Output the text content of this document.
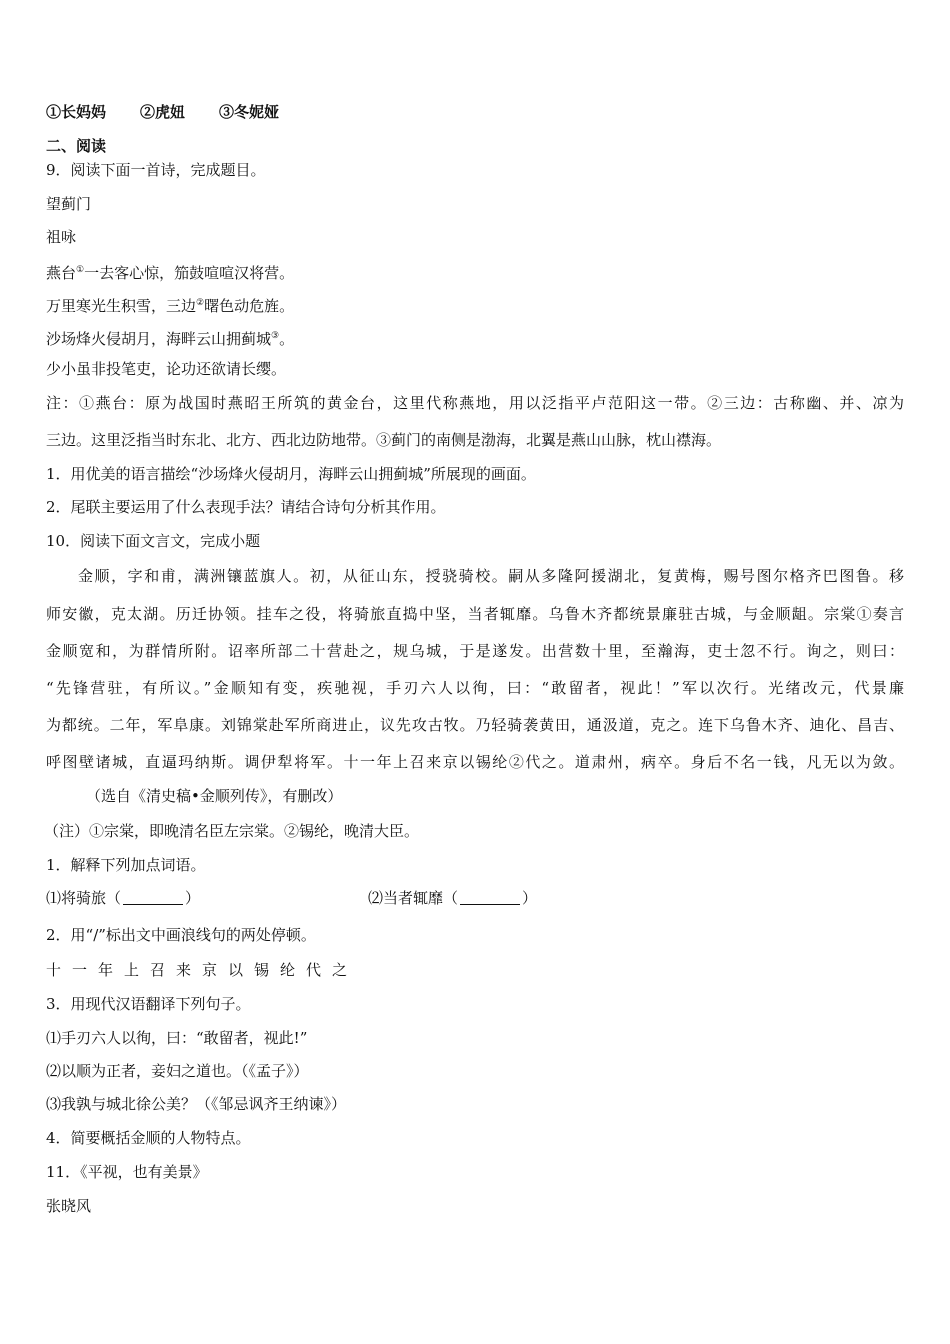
①长妈妈 ②虎妞 ③冬妮娅
二、阅读
9．阅读下面一首诗，完成题目。
望蓟门
祖咏
燕台①一去客心惊，笳鼓喧喧汉将营。
万里寒光生积雪，三边②曙色动危旌。
沙场烽火侵胡月，海畔云山拥蓟城③。
少小虽非投笔吏，论功还欲请长缨。
注：①燕台：原为战国时燕昭王所筑的黄金台，这里代称燕地，用以泛指平卢范阳这一带。②三边：古称幽、并、凉为
三边。这里泛指当时东北、北方、西北边防地带。③蓟门的南侧是渤海，北翼是燕山山脉，枕山襟海。
1．用优美的语言描绘“沙场烽火侵胡月，海畔云山拥蓟城”所展现的画面。
2．尾联主要运用了什么表现手法？请结合诗句分析其作用。
10．阅读下面文言文，完成小题
金顺，字和甫，满洲镶蓝旗人。初，从征山东，授骁骑校。嗣从多隆阿援湖北，复黄梅，赐号图尔格齐巴图鲁。移
师安徽，克太湖。历迁协领。挂车之役，将骑旅直捣中坚，当者辄靡。乌鲁木齐都统景廉驻古城，与金顺龃。宗棠①奏言
金顺宽和，为群情所附。诏率所部二十营赴之，规乌城，于是遂发。出营数十里，至瀚海，吏士忽不行。询之，则曰：
“先锋营驻，有所议。”金顺知有变，疾驰视，手刃六人以徇，曰：“敢留者，视此！”军以次行。光绪改元，代景廉
为都统。二年，军阜康。刘锦棠赴军所商进止，议先攻古牧。乃轻骑袭黄田，通汲道，克之。连下乌鲁木齐、迪化、昌吉、
呼图壁诸城，直逼玛纳斯。调伊犁将军。十一年上召来京以锡纶②代之。道肃州，病卒。身后不名一钱，凡无以为敛。
（选自《清史稿•金顺列传》，有删改）
（注）①宗棠，即晚清名臣左宗棠。②锡纶，晚清大臣。
1．解释下列加点词语。
⑴将骑旅（	）	⑵当者辄靡（	）
2．用“/”标出文中画浪线句的两处停顿。
十一年上召来京以锡纶代之
3．用现代汉语翻译下列句子。
⑴手刃六人以徇，曰：“敢留者，视此!”
⑵以顺为正者，妾妇之道也。（《孟子》）
⑶我孰与城北徐公美？（《邹忌讽齐王纳谏》）
4．简要概括金顺的人物特点。
11．《平视，也有美景》
张晓风
